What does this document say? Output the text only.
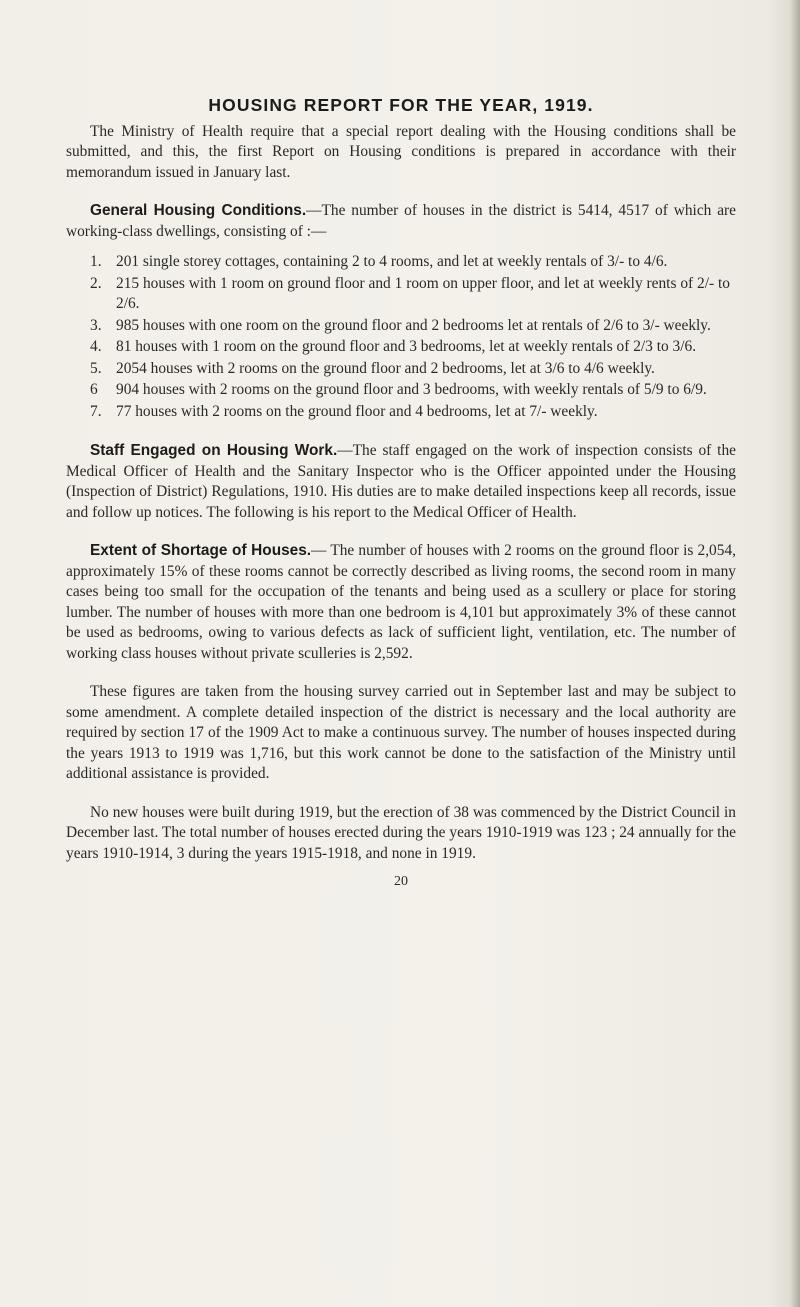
HOUSING REPORT FOR THE YEAR, 1919.

The Ministry of Health require that a special report dealing with the Housing conditions shall be submitted, and this, the first Report on Housing conditions is prepared in accordance with their memorandum issued in January last.

General Housing Conditions.—The number of houses in the district is 5414, 4517 of which are working-class dwellings, consisting of :—

1. 201 single storey cottages, containing 2 to 4 rooms, and let at weekly rentals of 3/- to 4/6.
2. 215 houses with 1 room on ground floor and 1 room on upper floor, and let at weekly rents of 2/- to 2/6.
3. 985 houses with one room on the ground floor and 2 bedrooms let at rentals of 2/6 to 3/- weekly.
4. 81 houses with 1 room on the ground floor and 3 bedrooms, let at weekly rentals of 2/3 to 3/6.
5. 2054 houses with 2 rooms on the ground floor and 2 bedrooms, let at 3/6 to 4/6 weekly.
6	904 houses with 2 rooms on the ground floor and 3 bedrooms, with weekly rentals of 5/9 to 6/9.
7. 77 houses with 2 rooms on the ground floor and 4 bedrooms, let at 7/- weekly.

Staff Engaged on Housing Work.—The staff engaged on the work of inspection consists of the Medical Officer of Health and the Sanitary Inspector who is the Officer appointed under the Housing (Inspection of District) Regulations, 1910. His duties are to make detailed inspections keep all records, issue and follow up notices. The following is his report to the Medical Officer of Health.

Extent of Shortage of Houses.— The number of houses with 2 rooms on the ground floor is 2,054, approximately 15% of these rooms cannot be correctly described as living rooms, the second room in many cases being too small for the occupation of the tenants and being used as a scullery or place for storing lumber. The number of houses with more than one bedroom is 4,101 but approximately 3% of these cannot be used as bedrooms, owing to various defects as lack of sufficient light, ventilation, etc. The number of working class houses without private sculleries is 2,592.

These figures are taken from the housing survey carried out in September last and may be subject to some amendment. A complete detailed inspection of the district is necessary and the local authority are required by section 17 of the 1909 Act to make a continuous survey. The number of houses inspected during the years 1913 to 1919 was 1,716, but this work cannot be done to the satisfaction of the Ministry until additional assistance is provided.

No new houses were built during 1919, but the erection of 38 was commenced by the District Council in December last. The total number of houses erected during the years 1910-1919 was 123 ; 24 annually for the years 1910-1914, 3 during the years 1915-1918, and none in 1919.

20
